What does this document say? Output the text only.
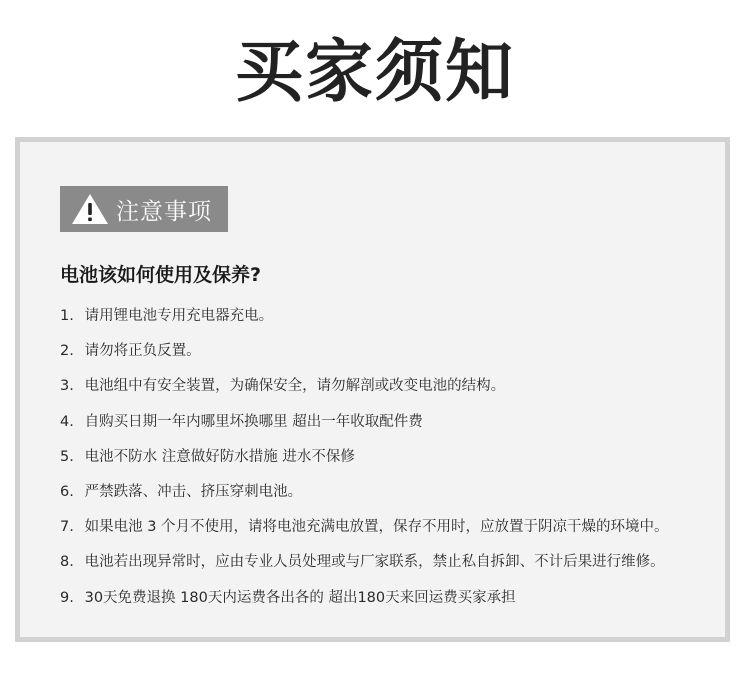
买家须知
注意事项
电池该如何使用及保养?
1. 请用锂电池专用充电器充电。
2. 请勿将正负反置。
3. 电池组中有安全装置，为确保安全，请勿解剖或改变电池的结构。
4. 自购买日期一年内哪里坏换哪里 超出一年收取配件费
5. 电池不防水 注意做好防水措施 进水不保修
6. 严禁跌落、冲击、挤压穿刺电池。
7. 如果电池 3 个月不使用，请将电池充满电放置，保存不用时，应放置于阴凉干燥的环境中。
8. 电池若出现异常时，应由专业人员处理或与厂家联系，禁止私自拆卸、不计后果进行维修。
9. 30天免费退换 180天内运费各出各的 超出180天来回运费买家承担
